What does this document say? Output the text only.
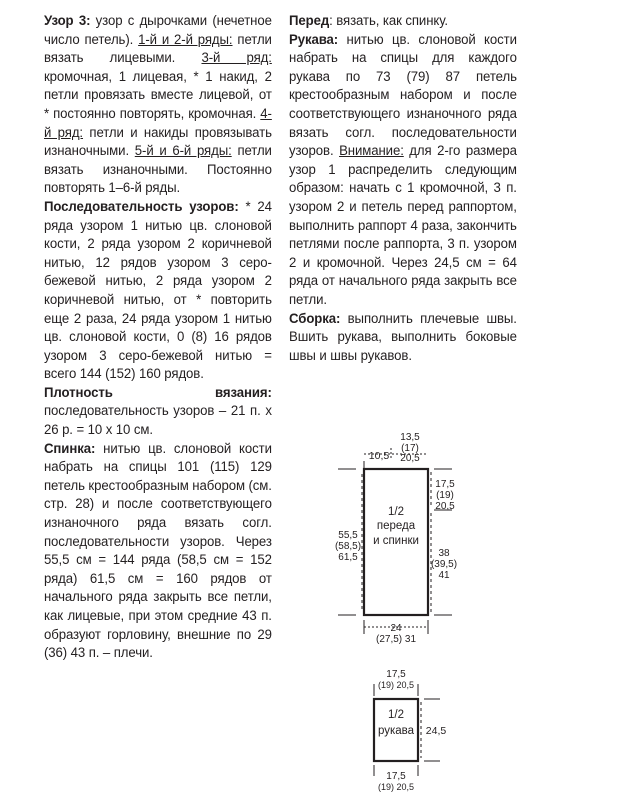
Узор 3: узор с дырочками (нечетное число петель). 1-й и 2-й ряды: петли вязать лицевыми. 3-й ряд: кромочная, 1 лицевая, * 1 накид, 2 петли провязать вместе лицевой, от * постоянно повторять, кромочная. 4-й ряд: петли и накиды провязывать изнаночными. 5-й и 6-й ряды: петли вязать изнаночными. Постоянно повторять 1–6-й ряды.

Последовательность узоров: * 24 ряда узором 1 нитью цв. слоновой кости, 2 ряда узором 2 коричневой нитью, 12 рядов узором 3 серо-бежевой нитью, 2 ряда узором 2 коричневой нитью, от * повторить еще 2 раза, 24 ряда узором 1 нитью цв. слоновой кости, 0 (8) 16 рядов узором 3 серо-бежевой нитью = всего 144 (152) 160 рядов.

Плотность вязания: последовательность узоров – 21 п. х 26 р. = 10 х 10 см.

Спинка: нитью цв. слоновой кости набрать на спицы 101 (115) 129 петель крестообразным набором (см. стр. 28) и после соответствующего изнаночного ряда вязать согл. последовательности узоров. Через 55,5 см = 144 ряда (58,5 см = 152 ряда) 61,5 см = 160 рядов от начального ряда закрыть все петли, как лицевые, при этом средние 43 п. образуют горловину, внешние по 29 (36) 43 п. – плечи.

Перед: вязать, как спинку.

Рукава: нитью цв. слоновой кости набрать на спицы для каждого рукава по 73 (79) 87 петель крестообразным набором и после соответствующего изнаночного ряда вязать согл. последовательности узоров. Внимание: для 2-го размера узор 1 распределить следующим образом: начать с 1 кромочной, 3 п. узором 2 и петель перед раппортом, выполнить раппорт 4 раза, закончить петлями после раппорта, 3 п. узором 2 и кромочной. Через 24,5 см = 64 ряда от начального ряда закрыть все петли.

Сборка: выполнить плечевые швы. Вшить рукава, выполнить боковые швы и швы рукавов.

1/2
переда
и спинки
10,5
13,5
(17)
20,5
17,5
(19)
20,5
55,5
(58,5)
61,5	38
(39,5)
41
24
(27,5) 31
1/2
рукава
17,5
(19) 20,5
24,5
17,5
(19) 20,5
